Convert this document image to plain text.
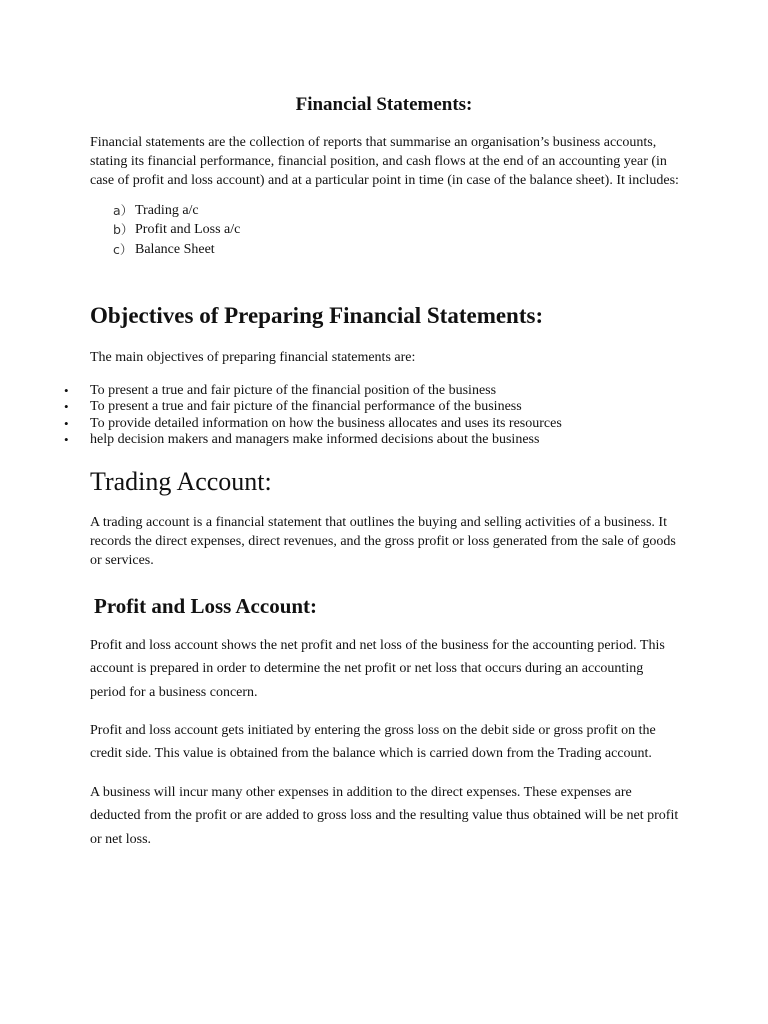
Financial Statements:

Financial statements are the collection of reports that summarise an organisation’s business accounts, stating its financial performance, financial position, and cash flows at the end of an accounting year (in case of profit and loss account) and at a particular point in time (in case of the balance sheet). It includes:

a） Trading a/c
b） Profit and Loss a/c
c） Balance Sheet
Objectives of Preparing Financial Statements:

The main objectives of preparing financial statements are:

•	To present a true and fair picture of the financial position of the business
•	To present a true and fair picture of the financial performance of the business
•	To provide detailed information on how the business allocates and uses its resources
•	help decision makers and managers make informed decisions about the business
Trading Account:

A trading account is a financial statement that outlines the buying and selling activities of a business. It records the direct expenses, direct revenues, and the gross profit or loss generated from the sale of goods or services.

Profit and Loss Account:

Profit and loss account shows the net profit and net loss of the business for the accounting period. This account is prepared in order to determine the net profit or net loss that occurs during an accounting period for a business concern.

Profit and loss account gets initiated by entering the gross loss on the debit side or gross profit on the credit side. This value is obtained from the balance which is carried down from the Trading account.

A business will incur many other expenses in addition to the direct expenses. These expenses are deducted from the profit or are added to gross loss and the resulting value thus obtained will be net profit or net loss.
